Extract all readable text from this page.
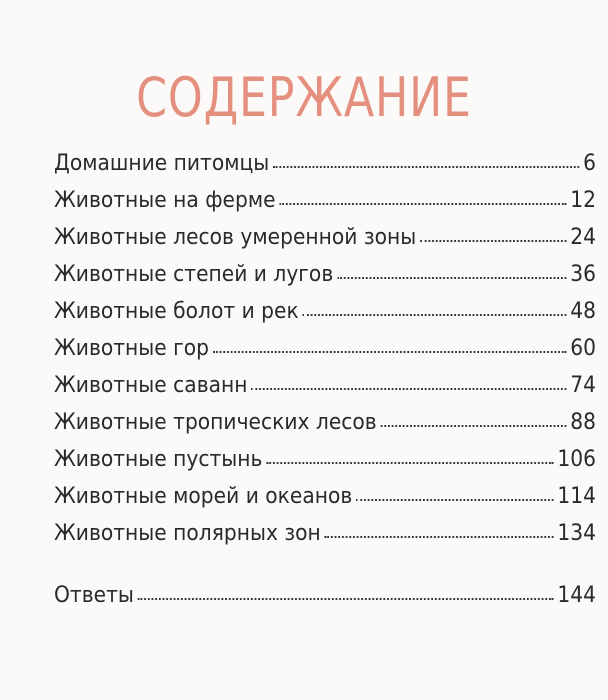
СОДЕРЖАНИЕ
Домашние питомцы	6
Животные на ферме	12
Животные лесов умеренной зоны	24
Животные степей и лугов	36
Животные болот и рек	48
Животные гор	60
Животные саванн	74
Животные тропических лесов	88
Животные пустынь	106
Животные морей и океанов	114
Животные полярных зон	134
Ответы	144
